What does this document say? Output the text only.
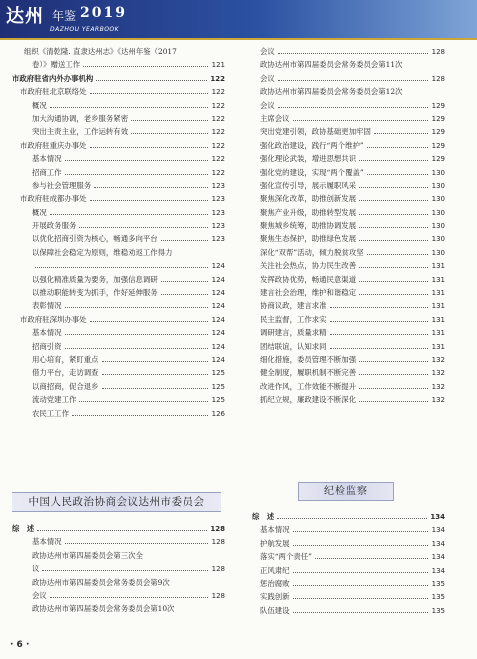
达州 年鉴 2019
DAZHOU YEARBOOK
组织《清乾隆. 直隶达州志》《达州年鉴（2017
卷）》赠送工作	121
市政府驻省内外办事机构	122
市政府驻北京联络处	122
概况	122
加大沟通协调，老乡服务紧密	122
突出主责主业，工作运转有效	122
市政府驻重庆办事处	122
基本情况	122
招商工作	122
参与社会管理服务	123
市政府驻成都办事处	123
概况	123
开展政务服务	123
以优化招商引资为核心，畅通多向平台	123
以保障社会稳定为原则，维稳劝返工作得力
124
以强化精准质量为要务，加强信息调研	124
以推动职能转变为抓手，作好延伸服务	124
表彰情况	124
市政府驻深圳办事处	124
基本情况	124
招商引资	124
用心培育，紧盯重点	124
借力平台，走访调查	125
以商招商，促合退乡	125
流动党建工作	125
农民工工作	126
中国人民政治协商会议达州市委员会
综　述	128
基本情况	128
政协达州市第四届委员会第三次全
议	128
政协达州市第四届委员会常务委员会第9次
会议	128
政协达州市第四届委员会常务委员会第10次
会议	128
政协达州市第四届委员会常务委员会第11次
会议	128
政协达州市第四届委员会常务委员会第12次
会议	129
主席会议	129
突出党建引领，政协基础更加牢固	129
强化政治建设，践行“两个维护”	129
强化理论武装，增进思想共识	129
强化党的建设，实现“两个覆盖”	130
强化宣传引导，展示履职风采	130
聚焦深化改革，助推创新发展	130
聚焦产业升级，助推转型发展	130
聚焦城乡统筹，助推协调发展	130
聚焦生态保护，助推绿色发展	130
深化“双帮”活动，倾力脱贫攻坚	130
关注社会热点，协力民生改善	131
发挥政协优势，畅通民意渠道	131
建言社会治理，维护和谐稳定	131
协商议政，建言求准	131
民主监督，工作求实	131
调研建言，质量求精	131
团结联谊，认知求同	131
细化措施，委员管理不断加强	132
健全制度，履职机制不断完善	132
改进作风，工作效能不断提升	132
抓纪立规，廉政建设不断深化	132
纪检监察
综　述	134
基本情况	134
护航发展	134
落实“两个责任”	134
正风肃纪	134
惩治腐败	135
实践创新	135
队伍建设	135
· 6 ·
